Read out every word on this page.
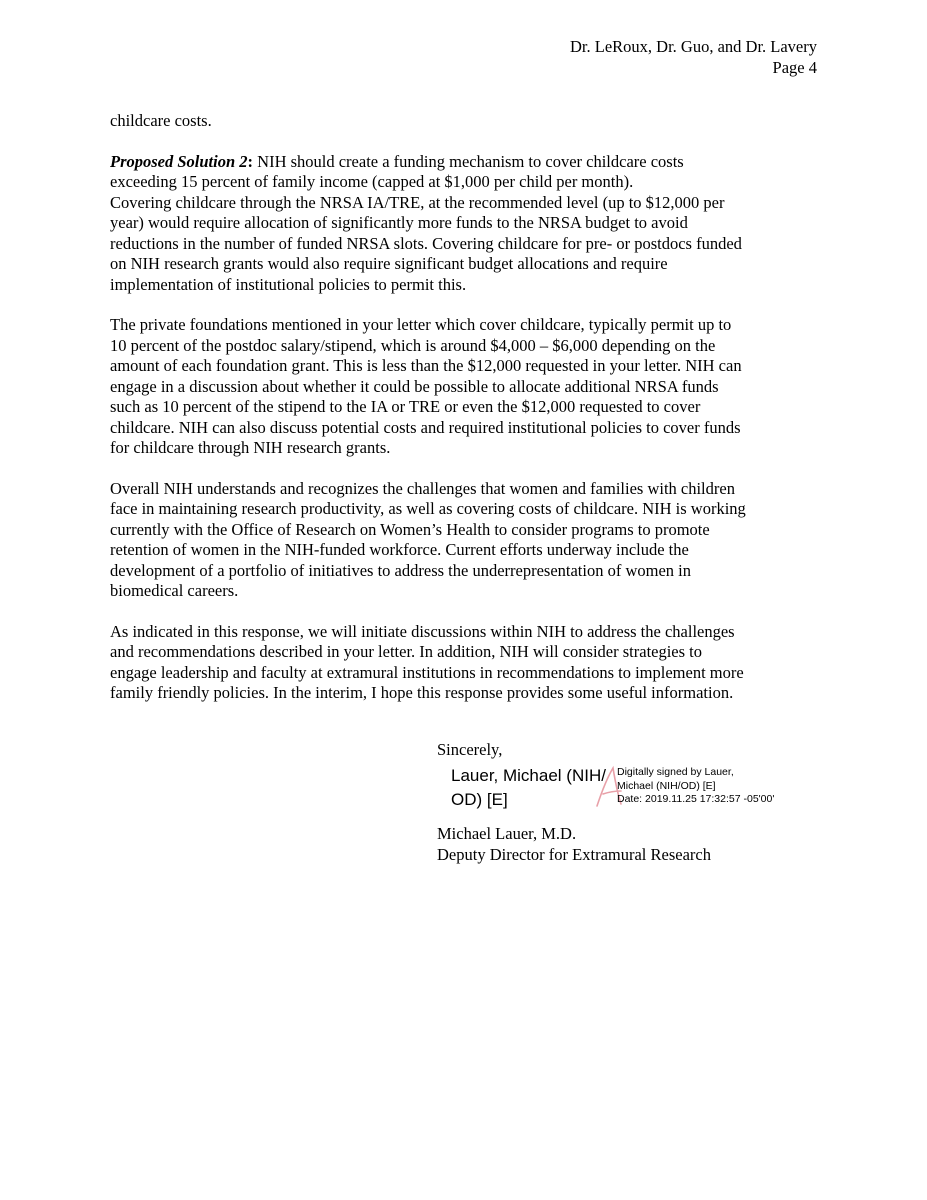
Dr. LeRoux, Dr. Guo, and Dr. Lavery
Page 4

childcare costs.

Proposed Solution 2: NIH should create a funding mechanism to cover childcare costs
exceeding 15 percent of family income (capped at $1,000 per child per month).
Covering childcare through the NRSA IA/TRE, at the recommended level (up to $12,000 per
year) would require allocation of significantly more funds to the NRSA budget to avoid
reductions in the number of funded NRSA slots. Covering childcare for pre- or postdocs funded
on NIH research grants would also require significant budget allocations and require
implementation of institutional policies to permit this.

The private foundations mentioned in your letter which cover childcare, typically permit up to
10 percent of the postdoc salary/stipend, which is around $4,000 – $6,000 depending on the
amount of each foundation grant. This is less than the $12,000 requested in your letter. NIH can
engage in a discussion about whether it could be possible to allocate additional NRSA funds
such as 10 percent of the stipend to the IA or TRE or even the $12,000 requested to cover
childcare. NIH can also discuss potential costs and required institutional policies to cover funds
for childcare through NIH research grants.

Overall NIH understands and recognizes the challenges that women and families with children
face in maintaining research productivity, as well as covering costs of childcare. NIH is working
currently with the Office of Research on Women’s Health to consider programs to promote
retention of women in the NIH-funded workforce. Current efforts underway include the
development of a portfolio of initiatives to address the underrepresentation of women in
biomedical careers.

As indicated in this response, we will initiate discussions within NIH to address the challenges
and recommendations described in your letter. In addition, NIH will consider strategies to
engage leadership and faculty at extramural institutions in recommendations to implement more
family friendly policies. In the interim, I hope this response provides some useful information.

Sincerely,
Lauer, Michael (NIH/
OD) [E]
Digitally signed by Lauer,
Michael (NIH/OD) [E]
Date: 2019.11.25 17:32:57 -05'00'
Michael Lauer, M.D.
Deputy Director for Extramural Research
